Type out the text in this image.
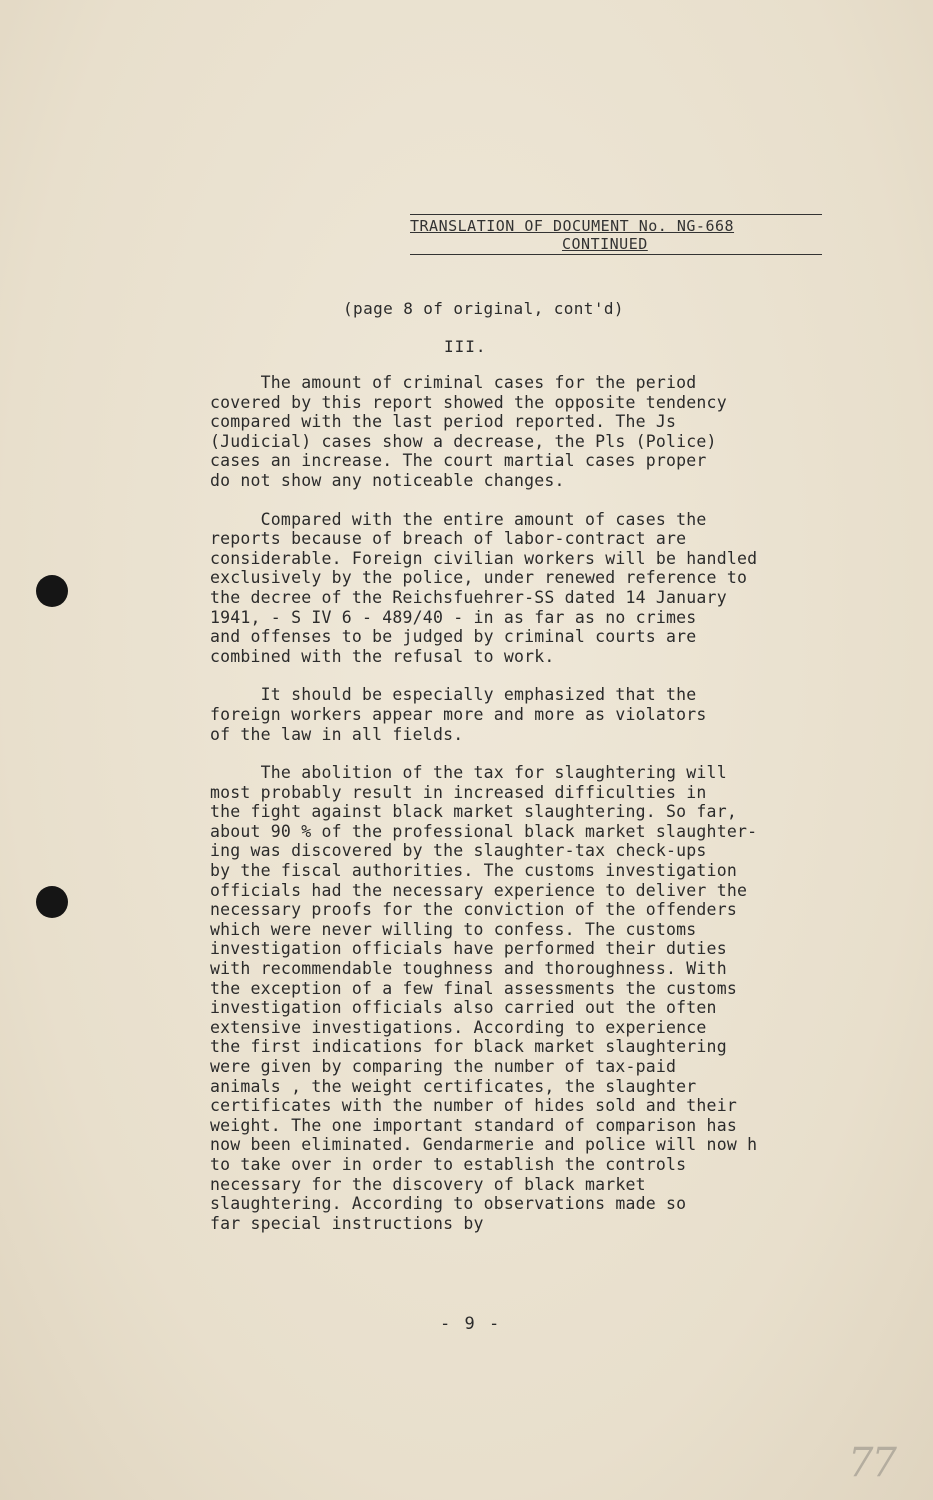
TRANSLATION OF DOCUMENT No. NG-668
CONTINUED
(page 8 of original, cont'd)
III.
The amount of criminal cases for the period
covered by this report showed the opposite tendency
compared with the last period reported. The Js
(Judicial) cases show a decrease, the Pls (Police)
cases an increase. The court martial cases proper
do not show any noticeable changes.
Compared with the entire amount of cases the
reports because of breach of labor-contract are
considerable. Foreign civilian workers will be handled
exclusively by the police, under renewed reference to
the decree of the Reichsfuehrer-SS dated 14 January
1941, - S IV 6 - 489/40 - in as far as no crimes
and offenses to be judged by criminal courts are
combined with the refusal to work.
It should be especially emphasized that the
foreign workers appear more and more as violators
of the law in all fields.
The abolition of the tax for slaughtering will
most probably result in increased difficulties in
the fight against black market slaughtering. So far,
about 90 % of the professional black market slaughter-
ing was discovered by the slaughter-tax check-ups
by the fiscal authorities. The customs investigation
officials had the necessary experience to deliver the
necessary proofs for the conviction of the offenders
which were never willing to confess. The customs
investigation officials have performed their duties
with recommendable toughness and thoroughness. With
the exception of a few final assessments the customs
investigation officials also carried out the often
extensive investigations. According to experience
the first indications for black market slaughtering
were given by comparing the number of tax-paid
animals , the weight certificates, the slaughter
certificates with the number of hides sold and their
weight. The one important standard of comparison has
now been eliminated. Gendarmerie and police will now h
to take over in order to establish the controls
necessary for the discovery of black market
slaughtering. According to observations made so
far special instructions by
- 9 -
77
